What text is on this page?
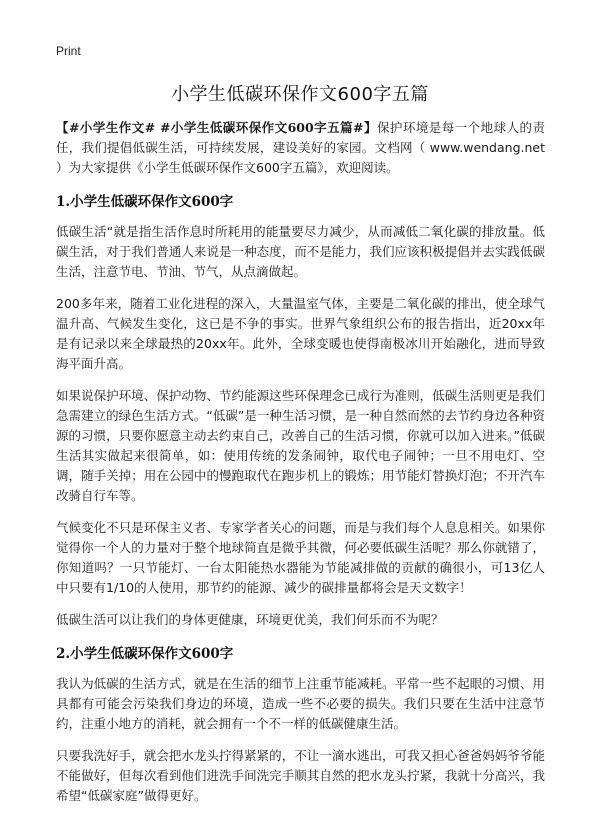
Print
小学生低碳环保作文600字五篇

【#小学生作文# #小学生低碳环保作文600字五篇#】保护环境是每一个地球人的责任，我们提倡低碳生活，可持续发展，建设美好的家园。文档网（ www.wendang.net ）为大家提供《小学生低碳环保作文600字五篇》，欢迎阅读。

1.小学生低碳环保作文600字

低碳生活“就是指生活作息时所耗用的能量要尽力减少，从而减低二氧化碳的排放量。低碳生活，对于我们普通人来说是一种态度，而不是能力，我们应该积极提倡并去实践低碳生活，注意节电、节油、节气，从点滴做起。

200多年来，随着工业化进程的深入，大量温室气体，主要是二氧化碳的排出，使全球气温升高、气候发生变化，这已是不争的事实。世界气象组织公布的报告指出，近20xx年是有记录以来全球最热的20xx年。此外，全球变暖也使得南极冰川开始融化，进而导致海平面升高。

如果说保护环境、保护动物、节约能源这些环保理念已成行为准则，低碳生活则更是我们急需建立的绿色生活方式。“低碳”是一种生活习惯，是一种自然而然的去节约身边各种资源的习惯，只要你愿意主动去约束自己，改善自己的生活习惯，你就可以加入进来。”低碳生活其实做起来很简单，如：使用传统的发条闹钟，取代电子闹钟；一旦不用电灯、空调，随手关掉；用在公园中的慢跑取代在跑步机上的锻炼；用节能灯替换灯泡；不开汽车改骑自行车等。

气候变化不只是环保主义者、专家学者关心的问题，而是与我们每个人息息相关。如果你觉得你一个人的力量对于整个地球简直是微乎其微，何必要低碳生活呢？那么你就错了，你知道吗？一只节能灯、一台太阳能热水器能为节能减排做的贡献的确很小，可13亿人中只要有1/10的人使用，那节约的能源、减少的碳排量都将会是天文数字！

低碳生活可以让我们的身体更健康，环境更优美，我们何乐而不为呢？

2.小学生低碳环保作文600字

我认为低碳的生活方式，就是在生活的细节上注重节能减耗。平常一些不起眼的习惯、用具都有可能会污染我们身边的环境，造成一些不必要的损失。我们只要在生活中注意节约，注重小地方的消耗，就会拥有一个不一样的低碳健康生活。

只要我洗好手，就会把水龙头拧得紧紧的，不让一滴水逃出，可我又担心爸爸妈妈爷爷能不能做好，但每次看到他们进洗手间洗完手顺其自然的把水龙头拧紧，我就十分高兴，我希望“低碳家庭”做得更好。
